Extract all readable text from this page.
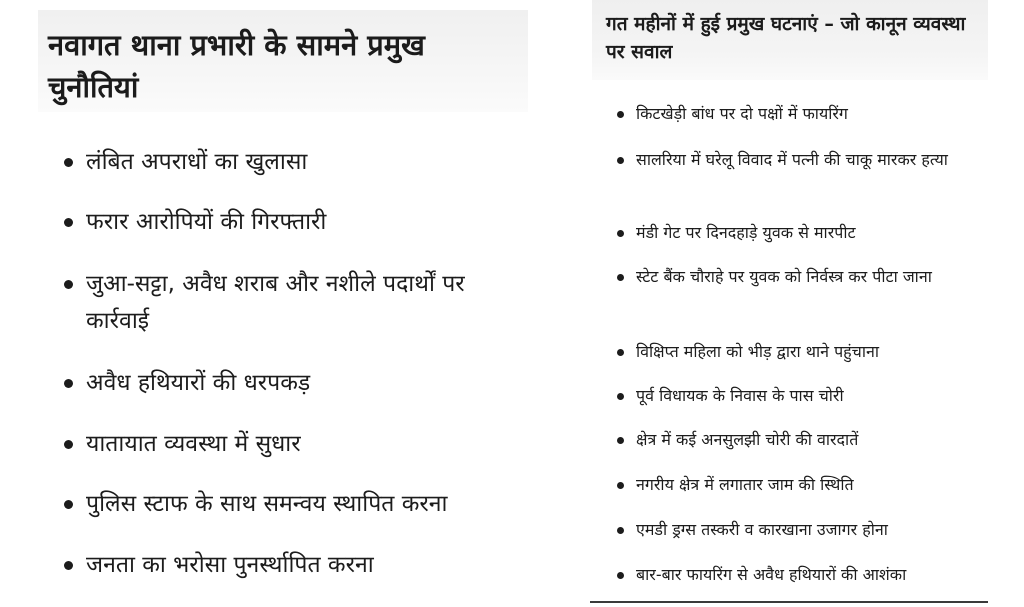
नवागत थाना प्रभारी के सामने प्रमुख चुनौतियां
लंबित अपराधों का खुलासा
फरार आरोपियों की गिरफ्तारी
जुआ-सट्टा, अवैध शराब और नशीले पदार्थों पर कार्रवाई
अवैध हथियारों की धरपकड़
यातायात व्यवस्था में सुधार
पुलिस स्टाफ के साथ समन्वय स्थापित करना
जनता का भरोसा पुनर्स्थापित करना
गत महीनों में हुई प्रमुख घटनाएं – जो कानून व्यवस्था पर सवाल
किटखेड़ी बांध पर दो पक्षों में फायरिंग
सालरिया में घरेलू विवाद में पत्नी की चाकू मारकर हत्या
मंडी गेट पर दिनदहाड़े युवक से मारपीट
स्टेट बैंक चौराहे पर युवक को निर्वस्त्र कर पीटा जाना
विक्षिप्त महिला को भीड़ द्वारा थाने पहुंचाना
पूर्व विधायक के निवास के पास चोरी
क्षेत्र में कई अनसुलझी चोरी की वारदातें
नगरीय क्षेत्र में लगातार जाम की स्थिति
एमडी ड्रग्स तस्करी व कारखाना उजागर होना
बार-बार फायरिंग से अवैध हथियारों की आशंका
